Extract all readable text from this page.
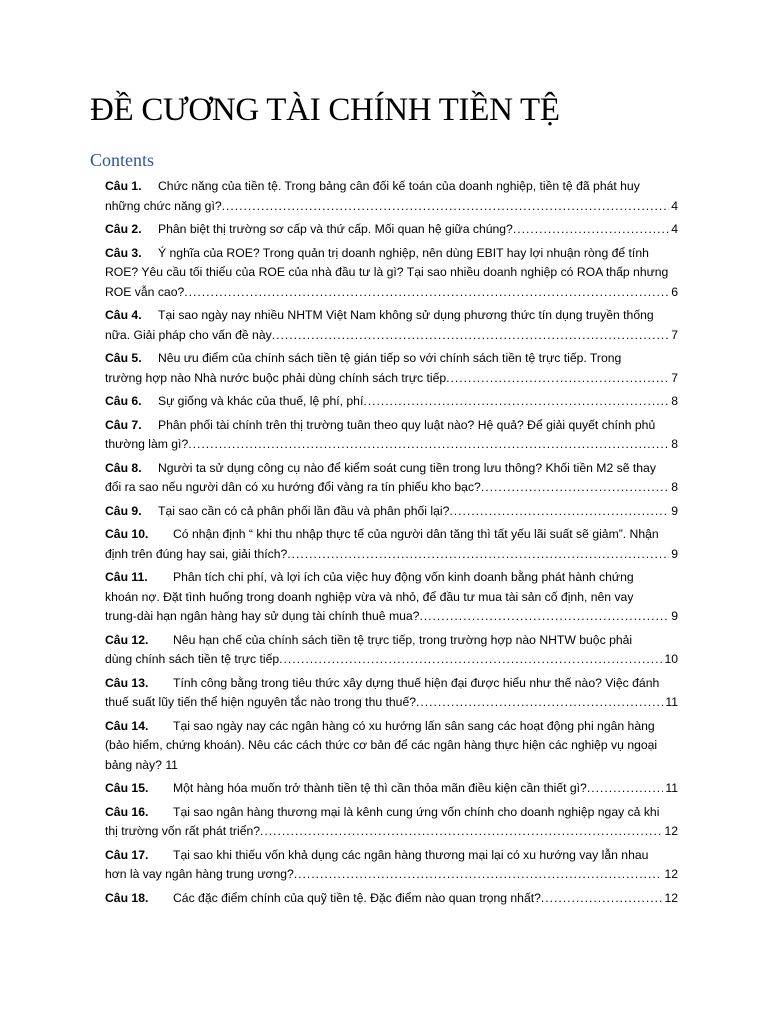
ĐỀ CƯƠNG TÀI CHÍNH TIỀN TỆ
Contents
Câu 1. Chức năng của tiền tệ. Trong bảng cân đối kế toán của doanh nghiệp, tiền tệ đã phát huy
4
những chức năng gì? . . .
4
Câu 2. Phân biệt thị trường sơ cấp và thứ cấp. Mối quan hệ giữa chúng? . . .
Câu 3. Ý nghĩa của ROE? Trong quản trị doanh nghiệp, nên dùng EBIT hay lợi nhuận ròng để tính
ROE? Yêu cầu tối thiểu của ROE của nhà đầu tư là gì? Tại sao nhiều doanh nghiệp có ROA thấp nhưng
6
ROE vẫn cao? . . .
Câu 4. Tại sao ngày nay nhiều NHTM Việt Nam không sử dụng phương thức tín dụng truyền thống
7
nữa. Giải pháp cho vấn đề này . . .
Câu 5. Nêu ưu điểm của chính sách tiền tệ gián tiếp so với chính sách tiền tệ trực tiếp. Trong
7
trường hợp nào Nhà nước buộc phải dùng chính sách trực tiếp . . .
8
Câu 6. Sự giống và khác của thuế, lệ phí, phí . . .
Câu 7. Phân phối tài chính trên thị trường tuân theo quy luật nào? Hệ quả? Để giải quyết chính phủ
8
thường làm gì? . . .
Câu 8. Người ta sử dụng công cụ nào để kiểm soát cung tiền trong lưu thông? Khối tiền M2 sẽ thay
8
đổi ra sao nếu người dân có xu hướng đổi vàng ra tín phiếu kho bạc? . . .
9
Câu 9. Tại sao cần có cả phân phối lần đầu và phân phối lại? . . .
Câu 10. Có nhận định “ khi thu nhập thực tế của người dân tăng thì tất yếu lãi suất sẽ giảm”. Nhận
9
định trên đúng hay sai, giải thích? . . .
Câu 11. Phân tích chi phí, và lợi ích của việc huy động vốn kinh doanh bằng phát hành chứng
khoán nợ. Đặt tình huống trong doanh nghiệp vừa và nhỏ, để đầu tư mua tài sản cố định, nên vay
9
trung-dài hạn ngân hàng hay sử dụng tài chính thuê mua? . . .
Câu 12. Nêu hạn chế của chính sách tiền tệ trực tiếp, trong trường hợp nào NHTW buộc phải
10
dùng chính sách tiền tệ trực tiếp . . .
Câu 13. Tính công bằng trong tiêu thức xây dựng thuế hiện đại được hiểu như thế nào? Việc đánh
11
thuế suất lũy tiến thể hiện nguyên tắc nào trong thu thuế? . . .
Câu 14. Tại sao ngày nay các ngân hàng có xu hướng lấn sân sang các hoạt động phi ngân hàng
(bảo hiểm, chứng khoán). Nêu các cách thức cơ bản để các ngân hàng thực hiện các nghiệp vụ ngoại
bảng này? 11
11
Câu 15. Một hàng hóa muốn trở thành tiền tệ thì cần thỏa mãn điều kiện cần thiết gì? . . .
Câu 16. Tại sao ngân hàng thương mại là kênh cung ứng vốn chính cho doanh nghiệp ngay cả khi
12
thị trường vốn rất phát triển? . . .
Câu 17. Tại sao khi thiếu vốn khả dụng các ngân hàng thương mại lại có xu hướng vay lẫn nhau
12
hơn là vay ngân hàng trung ương? . . .
12
Câu 18. Các đặc điểm chính của quỹ tiền tệ. Đặc điểm nào quan trọng nhất? . . .
